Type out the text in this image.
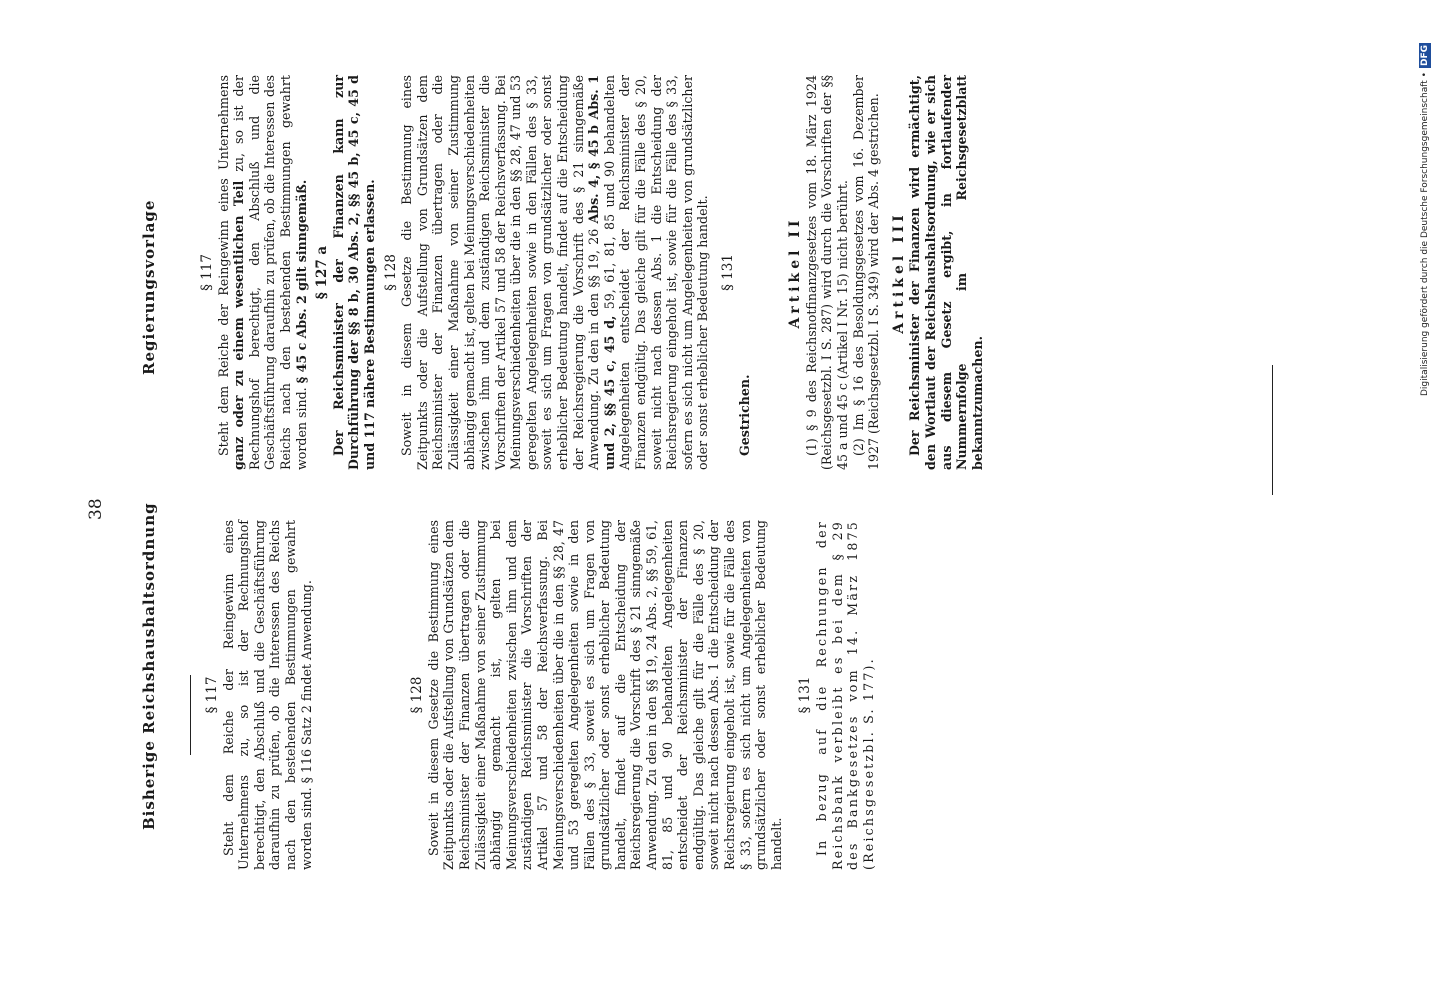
38 Bisherige Reichshaushaltsordnung
Regierungsvorlage
§ 117 Steht dem Reiche der Reingewinn eines Unternehmens zu, so ist der Rechnungshof berechtigt, den Abschluß und die Geschäftsführung daraufhin zu prüfen, ob die Interessen des Reichs nach den bestehenden Bestimmungen gewahrt worden sind. § 116 Satz 2 findet Anwendung.	§ 128 Soweit in diesem Gesetze die Bestimmung eines Zeitpunkts oder die Aufstellung von Grundsätzen dem Reichsminister der Finanzen übertragen oder die Zulässigkeit einer Maßnahme von seiner Zustimmung abhängig gemacht ist, gelten bei Meinungsverschiedenheiten zwischen ihm und dem zuständigen Reichsminister die Vorschriften der Artikel 57 und 58 der Reichsverfassung. Bei Meinungsverschiedenheiten über die in den §§ 28, 47 und 53 geregelten Angelegenheiten sowie in den Fällen des § 33, soweit es sich um Fragen von grundsätzlicher oder sonst erheblicher Bedeutung handelt, findet auf die Entscheidung der Reichsregierung die Vorschrift des § 21 sinngemäße Anwendung. Zu den in den §§ 19, 24 Abs. 2, §§ 59, 61, 81, 85 und 90 behandelten Angelegenheiten entscheidet der Reichsminister der Finanzen endgültig. Das gleiche gilt für die Fälle des § 20, soweit nicht nach dessen Abs. 1 die Entscheidung der Reichsregierung eingeholt ist, sowie für die Fälle des § 33, sofern es sich nicht um Angelegenheiten von grundsätzlicher oder sonst erheblicher Bedeutung handelt.

§ 131 In bezug auf die Rechnungen der Reichsbank verbleibt es bei dem § 29 des Bankgesetzes vom 14. März 1875 (Reichsgesetzbl. S. 177).

§ 117 Steht dem Reiche der Reingewinn eines Unternehmens ganz oder zu einem wesentlichen Teil zu, so ist der Rechnungshof berechtigt, den Abschluß und die Geschäftsführung daraufhin zu prüfen, ob die Interessen des Reichs nach den bestehenden Bestimmungen gewahrt worden sind. § 45 c Abs. 2 gilt sinngemäß. § 127 a Der Reichsminister der Finanzen kann zur Durchführung der §§ 8 b, 30 Abs. 2, §§ 45 b, 45 c, 45 d und 117 nähere Bestimmungen erlassen. § 128 Soweit in diesem Gesetze die Bestimmung eines Zeitpunkts oder die Aufstellung von Grundsätzen dem Reichsminister der Finanzen übertragen oder die Zulässigkeit einer Maßnahme von seiner Zustimmung abhängig gemacht ist, gelten bei Meinungsverschiedenheiten zwischen ihm und dem zuständigen Reichsminister die Vorschriften der Artikel 57 und 58 der Reichsverfassung. Bei Meinungsverschiedenheiten über die in den §§ 28, 47 und 53 geregelten Angelegenheiten sowie in den Fällen des § 33, soweit es sich um Fragen von grundsätzlicher oder sonst erheblicher Bedeutung handelt, findet auf die Entscheidung der Reichsregierung die Vorschrift des § 21 sinngemäße Anwendung. Zu den in den §§ 19, 26 Abs. 4, § 45 b Abs. 1 und 2, §§ 45 c, 45 d, 59, 61, 81, 85 und 90 behandelten Angelegenheiten entscheidet der Reichsminister der Finanzen endgültig. Das gleiche gilt für die Fälle des § 20, soweit nicht nach dessen Abs. 1 die Entscheidung der Reichsregierung eingeholt ist, sowie für die Fälle des § 33, sofern es sich nicht um Angelegenheiten von grundsätzlicher oder sonst erheblicher Bedeutung handelt. § 131

Gestrichen.

Artikel II (1) § 9 des Reichsnotfinanzgesetzes vom 18. März 1924 (Reichsgesetzbl. I S. 287) wird durch die Vorschriften der §§ 45 a und 45 c (Artikel I Nr. 15) nicht berührt. (2) Im § 16 des Besoldungsgesetzes vom 16. Dezember 1927 (Reichsgesetzbl. I S. 349) wird der Abs. 4 gestrichen. Artikel III Der Reichsminister der Finanzen wird ermächtigt, den Wortlaut der Reichshaushaltsordnung, wie er sich aus diesem Gesetz ergibt, in fortlaufender Nummernfolge im Reichsgesetzblatt bekanntzumachen.

Digitalisierung gefördert durch die Deutsche Forschungsgemeinschaft •
DFG
